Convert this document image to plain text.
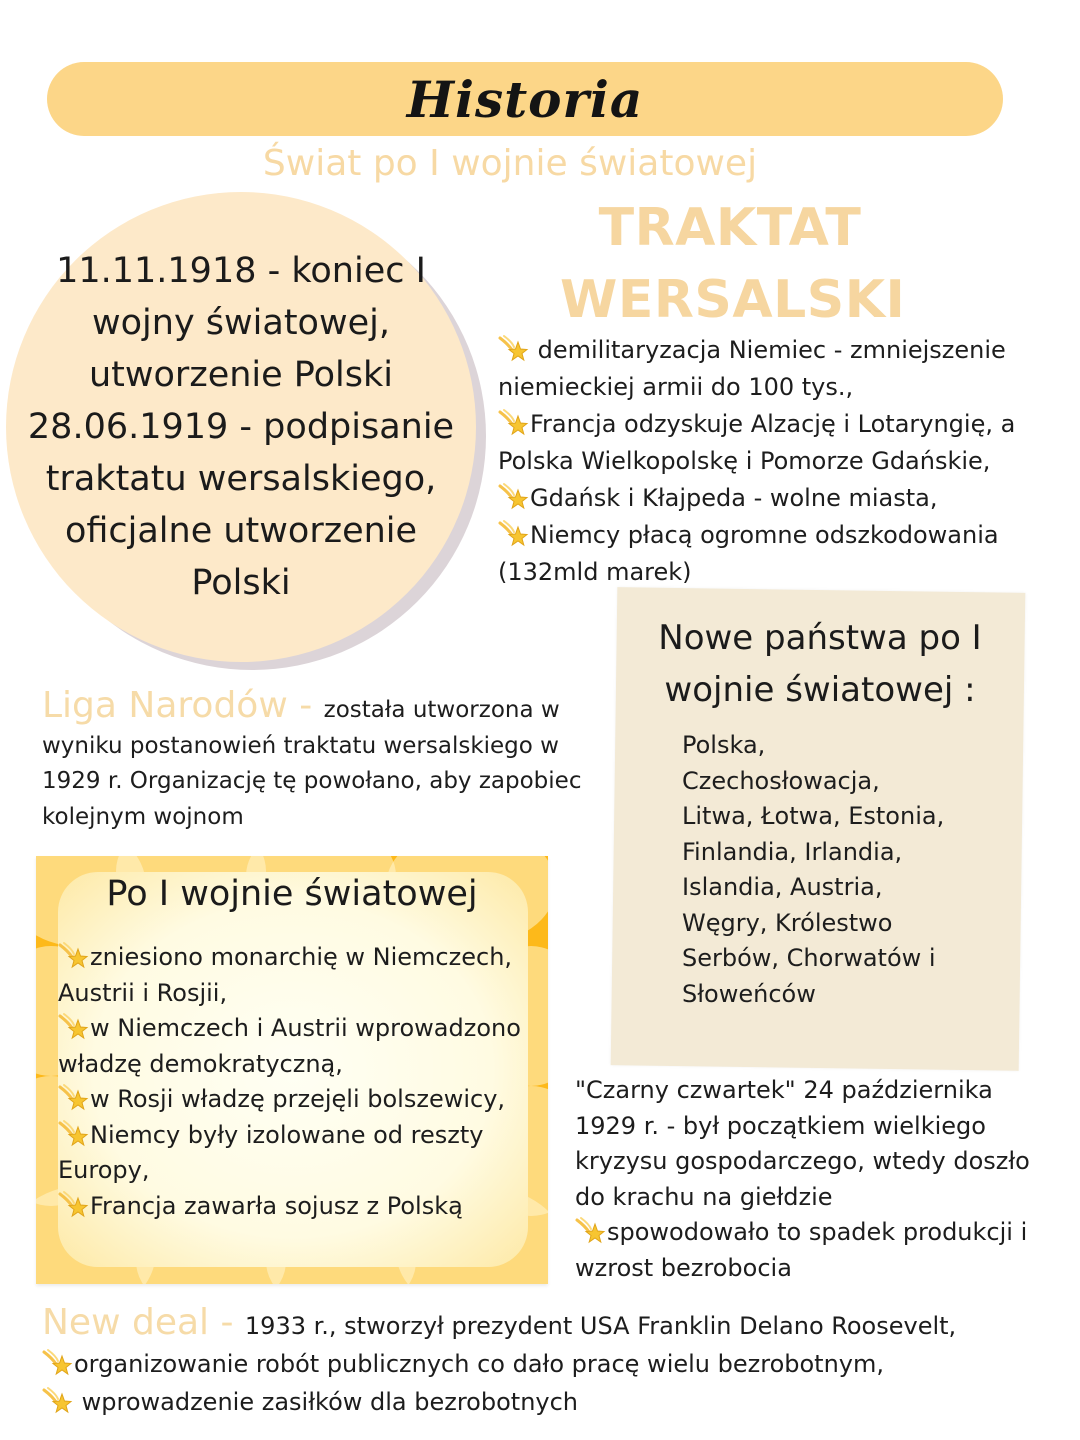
Historia
Świat po I wojnie światowej
11.11.1918 - koniec I
wojny światowej,
utworzenie Polski
28.06.1919 - podpisanie
traktatu wersalskiego,
oficjalne utworzenie
Polski
TRAKTAT
WERSALSKI
demilitaryzacja Niemiec - zmniejszenie
niemieckiej armii do 100 tys.,
Francja odzyskuje Alzację i Lotaryngię, a
Polska Wielkopolskę i Pomorze Gdańskie,
Gdańsk i Kłajpeda - wolne miasta,
Niemcy płacą ogromne odszkodowania
(132mld marek)
Nowe państwa po I
wojnie światowej :
Polska,
Czechosłowacja,
Litwa, Łotwa, Estonia,
Finlandia, Irlandia,
Islandia, Austria,
Węgry, Królestwo
Serbów, Chorwatów i
Słoweńców
Liga Narodów - została utworzona w
wyniku postanowień traktatu wersalskiego w
1929 r. Organizację tę powołano, aby zapobiec
kolejnym wojnom
Po I wojnie światowej
zniesiono monarchię w Niemczech,
Austrii i Rosjii,
w Niemczech i Austrii wprowadzono
władzę demokratyczną,
w Rosji władzę przejęli bolszewicy,
Niemcy były izolowane od reszty
Europy,
Francja zawarła sojusz z Polską
"Czarny czwartek" 24 października
1929 r. - był początkiem wielkiego
kryzysu gospodarczego, wtedy doszło
do krachu na giełdzie
spowodowało to spadek produkcji i
wzrost bezrobocia
New deal - 1933 r., stworzył prezydent USA Franklin Delano Roosevelt,
organizowanie robót publicznych co dało pracę wielu bezrobotnym,
wprowadzenie zasiłków dla bezrobotnych
